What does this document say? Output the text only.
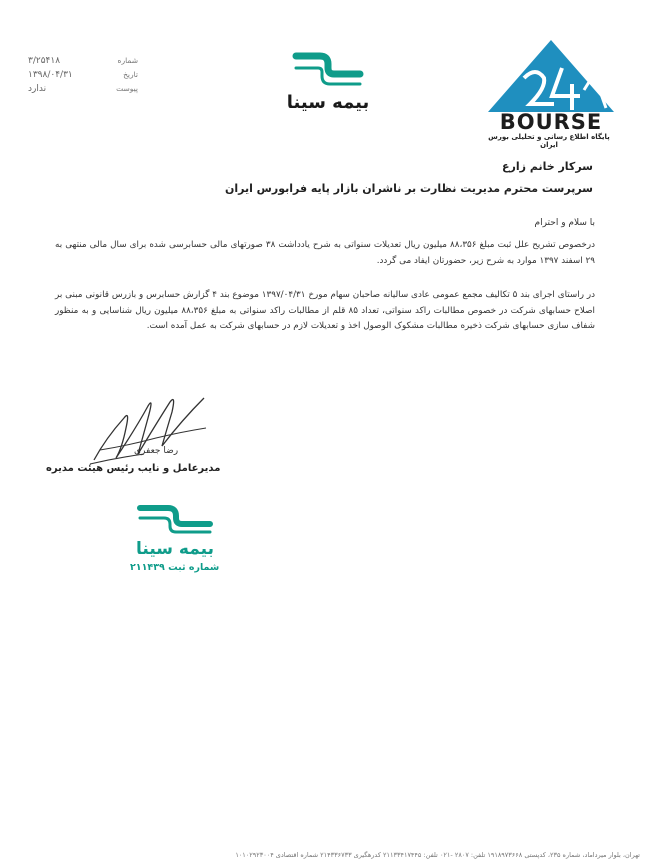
۳/۲۵۴۱۸	شماره
۱۳۹۸/۰۴/۳۱	تاریخ
ندارد	پیوست
بیمه سینا
BOURSE
پایگاه اطلاع رسانی و تحلیلی بورس ایران
سرکار خانم زارع
سرپرست محترم مدیریت نظارت بر ناشران بازار پایه فرابورس ایران
با سلام و احترام
درخصوص تشریح علل ثبت مبلغ ۸۸،۳۵۶ میلیون ریال تعدیلات سنواتی به شرح یادداشت ۳۸ صورتهای مالی حسابرسی شده برای سال مالی منتهی به ۲۹ اسفند ۱۳۹۷ موارد به شرح زیر، حضورتان ایفاد می گردد.
در راستای اجرای بند ۵ تکالیف مجمع عمومی عادی سالیانه صاحبان سهام مورخ ۱۳۹۷/۰۴/۳۱ موضوع بند ۴ گزارش حسابرس و بازرس قانونی مبنی بر اصلاح حسابهای شرکت در خصوص مطالبات راکد سنواتی، تعداد ۸۵ قلم از مطالبات راکد سنواتی به مبلغ ۸۸،۳۵۶ میلیون ریال شناسایی و به منظور شفاف سازی حسابهای شرکت ذخیره مطالبات مشکوک الوصول اخذ و تعدیلات لازم در حسابهای شرکت به عمل آمده است.
رضا جعفری
مدیرعامل و نایب رئیس هیئت مدیره
بیمه سینا
شماره ثبت ۲۱۱۴۳۹
تهران، بلوار میرداماد، شماره ۲۳۵، کدپستی ۱۹۱۸۹۷۳۶۶۸ تلفن: ۲۸۰۷ -۰۲۱ تلفن: ۲۱۱۳۳۴۱۷۴۴۵ کدرهگیری ۲۱۴۳۳۶۷۳۳ شماره اقتصادی ۱۰۱۰۲۹۲۳۰۰۴
